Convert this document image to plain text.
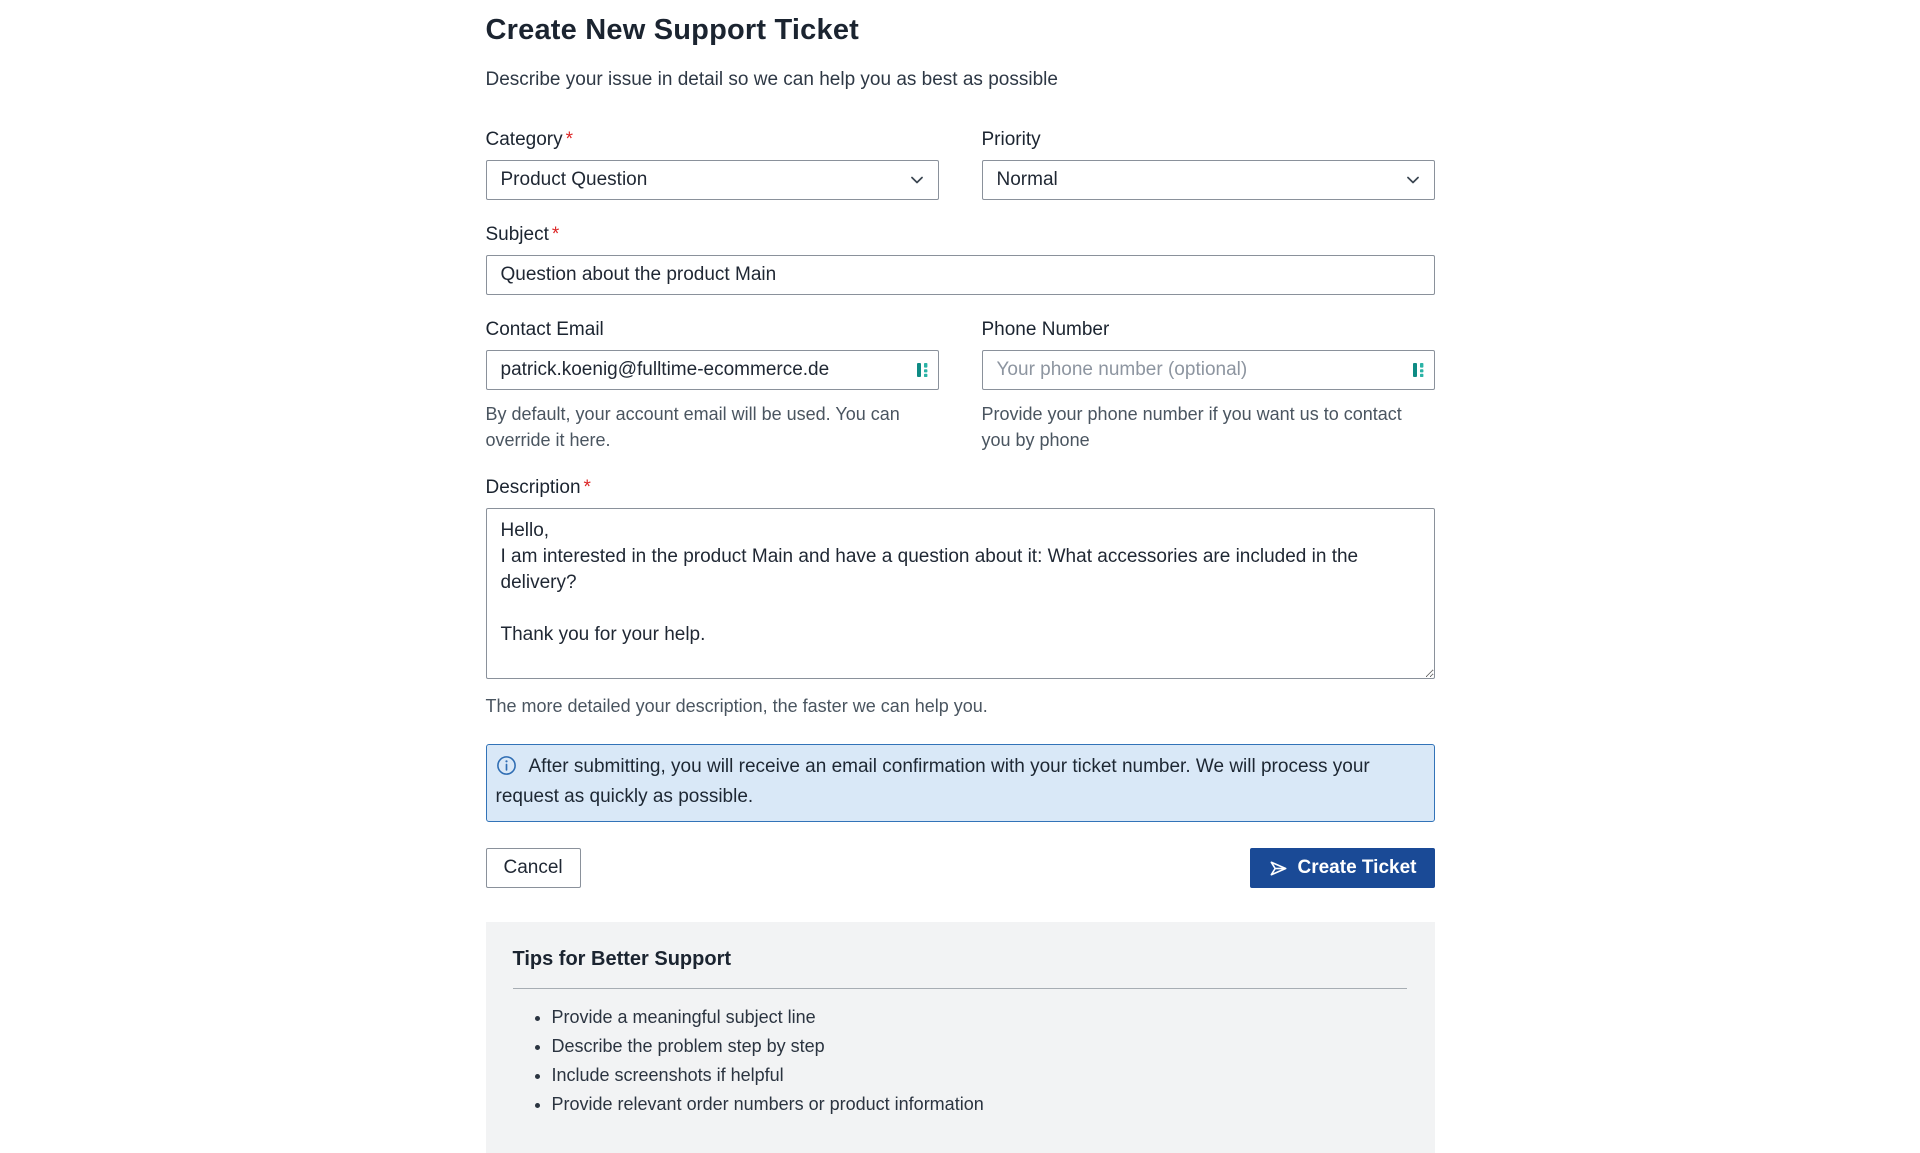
Create New Support Ticket

Describe your issue in detail so we can help you as best as possible

Category *
Product Question
Priority
Normal
Subject *
Question about the product Main
Contact Email
patrick.koenig@fulltime-ecommerce.de

By default, your account email will be used. You can override it here.

Phone Number
Your phone number (optional)

Provide your phone number if you want us to contact you by phone

Description *
Hello, I am interested in the product Main and have a question about it: What accessories are included in the delivery? Thank you for your help.

The more detailed your description, the faster we can help you.

After submitting, you will receive an email confirmation with your ticket number. We will process your request as quickly as possible.
Cancel	Create Ticket
Tips for Better Support
• Provide a meaningful subject line
• Describe the problem step by step
• Include screenshots if helpful
• Provide relevant order numbers or product information
